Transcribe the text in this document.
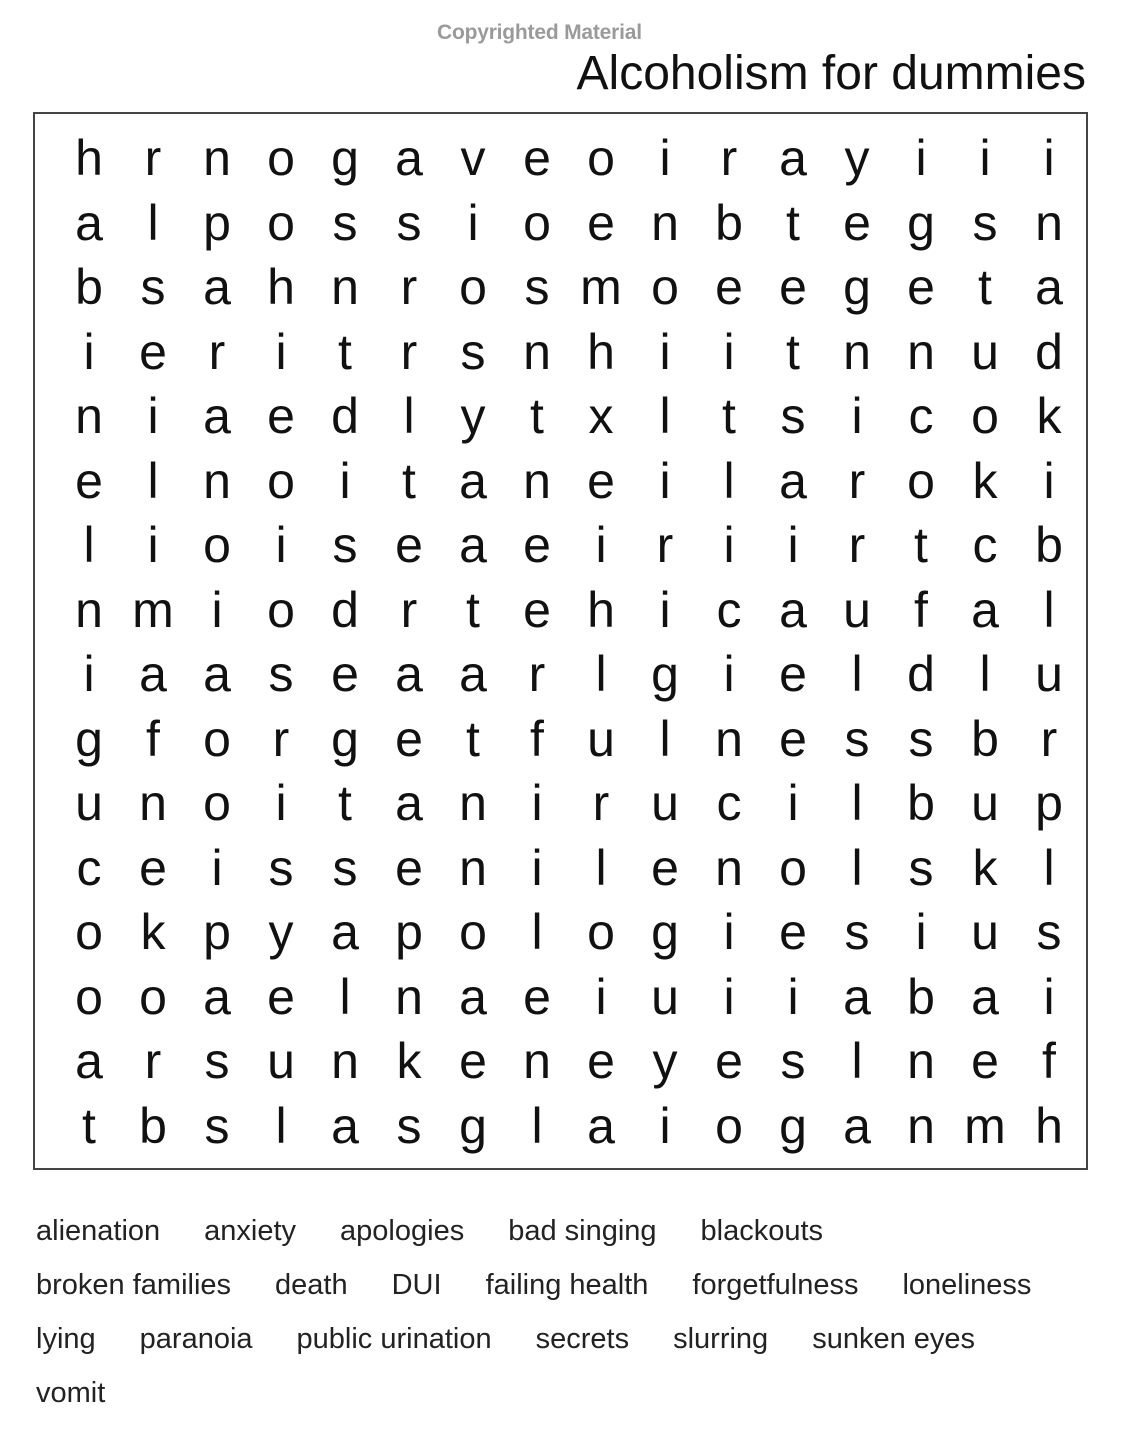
Copyrighted Material
Alcoholism for dummies
h r n o g a v e o i	r a y i	i	i
a l p o s s i o e n b t e g s n
b s a h n r o s m o e e g e t a
i e r	i	t r s n h i	i	t n n u d
n i a e d l y t x l	t s i c o k
e l n o i	t a n e i	l a r o k i
l	i o i s e a e i	r	i	i	r t c b
n m i o d r t e h i c a u f a l
i a a s e a a r	l g i e l d l u
g f o r g e t	f u l n e s s b r
u n o i	t a n i	r u c i	l b u p
c e i s s e n i	l e n o l s k l
o k p y a p o l o g i e s i u s
o o a e l n a e i u i	i a b a i
a r s u n k e n e y e s l n e f
t b s l a s g l a i o g a n m h
alienation anxiety apologies bad singing blackouts
broken families death DUI failing health forgetfulness loneliness
lying paranoia public urination secrets slurring sunken eyes
vomit
